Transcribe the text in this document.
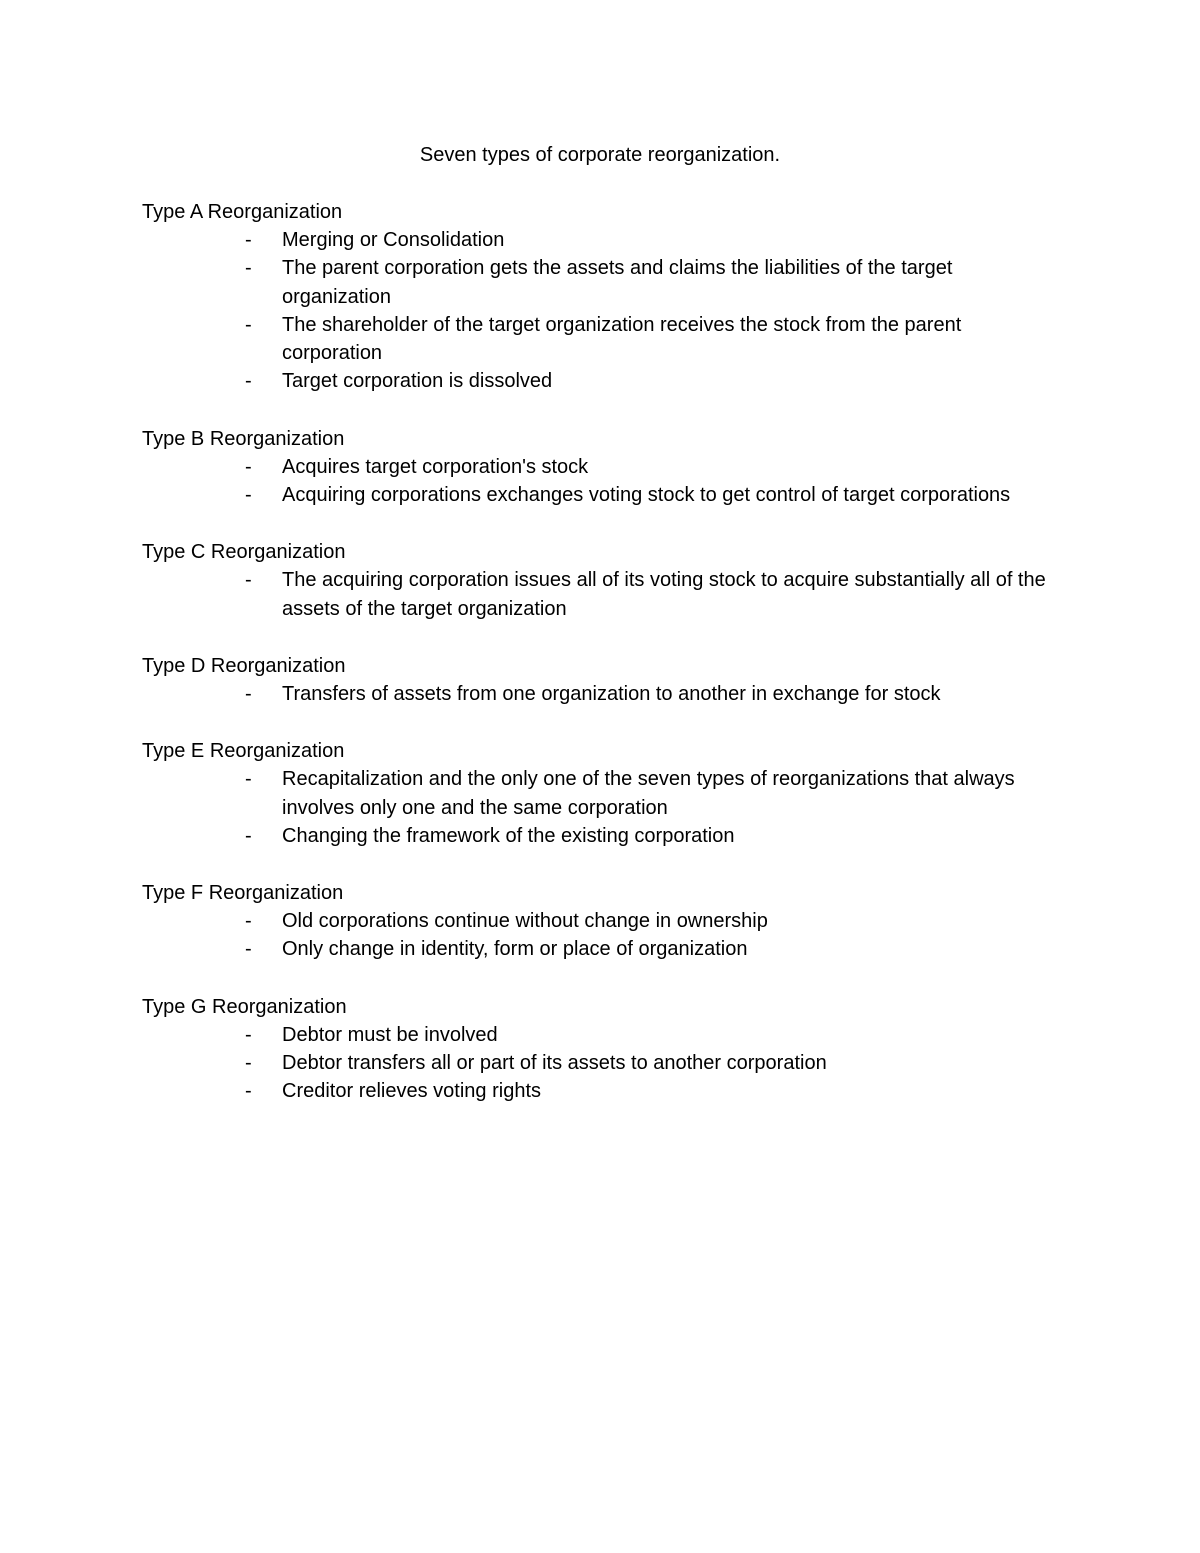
Seven types of corporate reorganization.
Type A Reorganization
- Merging or Consolidation
- The parent corporation gets the assets and claims the liabilities of the target organization
- The shareholder of the target organization receives the stock from the parent corporation
- Target corporation is dissolved
Type B Reorganization
- Acquires target corporation's stock
- Acquiring corporations exchanges voting stock to get control of target corporations
Type C Reorganization
- The acquiring corporation issues all of its voting stock to acquire substantially all of the assets of the target organization
Type D Reorganization
- Transfers of assets from one organization to another in exchange for stock
Type E Reorganization
- Recapitalization and the only one of the seven types of reorganizations that always involves only one and the same corporation
- Changing the framework of the existing corporation
Type F Reorganization
- Old corporations continue without change in ownership
- Only change in identity, form or place of organization
Type G Reorganization
- Debtor must be involved
- Debtor transfers all or part of its assets to another corporation
- Creditor relieves voting rights
